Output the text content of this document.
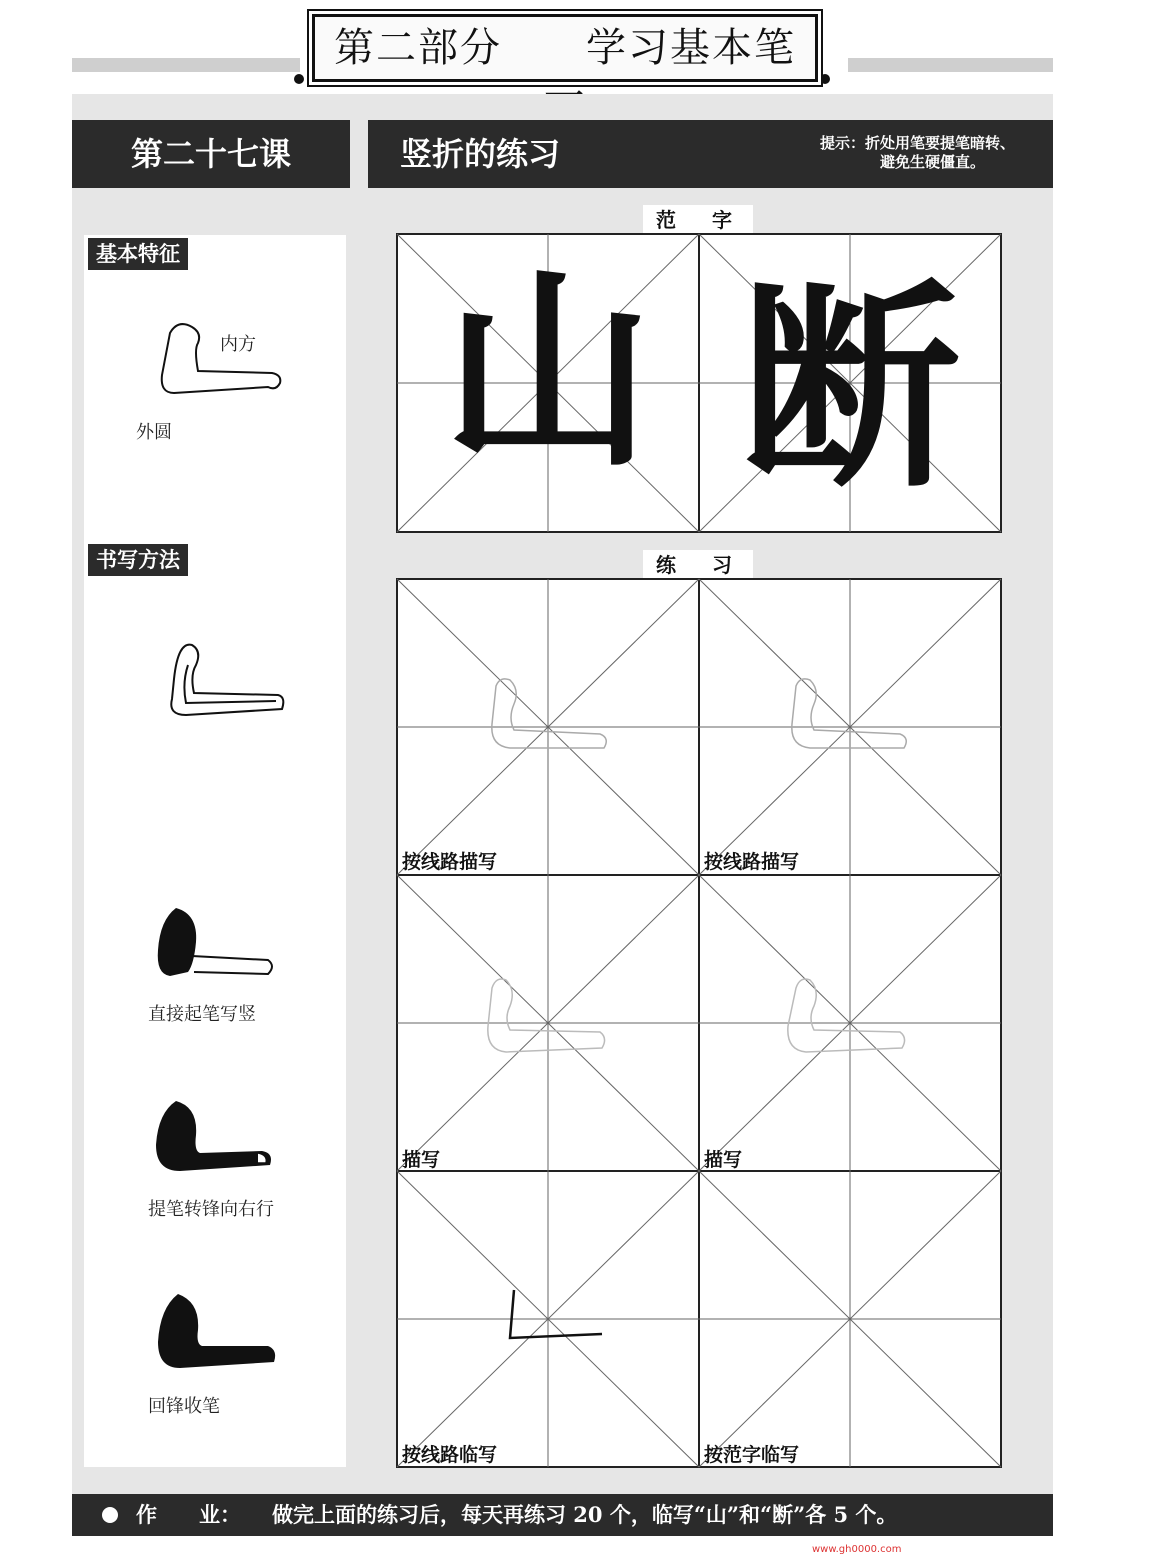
第二部分　　学习基本笔
第二十七课	竖折的练习	提示：折处用笔要提笔暗转、
避免生硬僵直。
基本特征
内方
外圆
书写方法
直接起笔写竖
提笔转锋向右行
回锋收笔
范　字
山 断
练　习
按线路描写	按线路描写
描写	描写
按线路临写	按范字临写
作　　业： 做完上面的练习后，每天再练习 20 个，临写“山”和“断”各 5 个。
www.gh0000.com
